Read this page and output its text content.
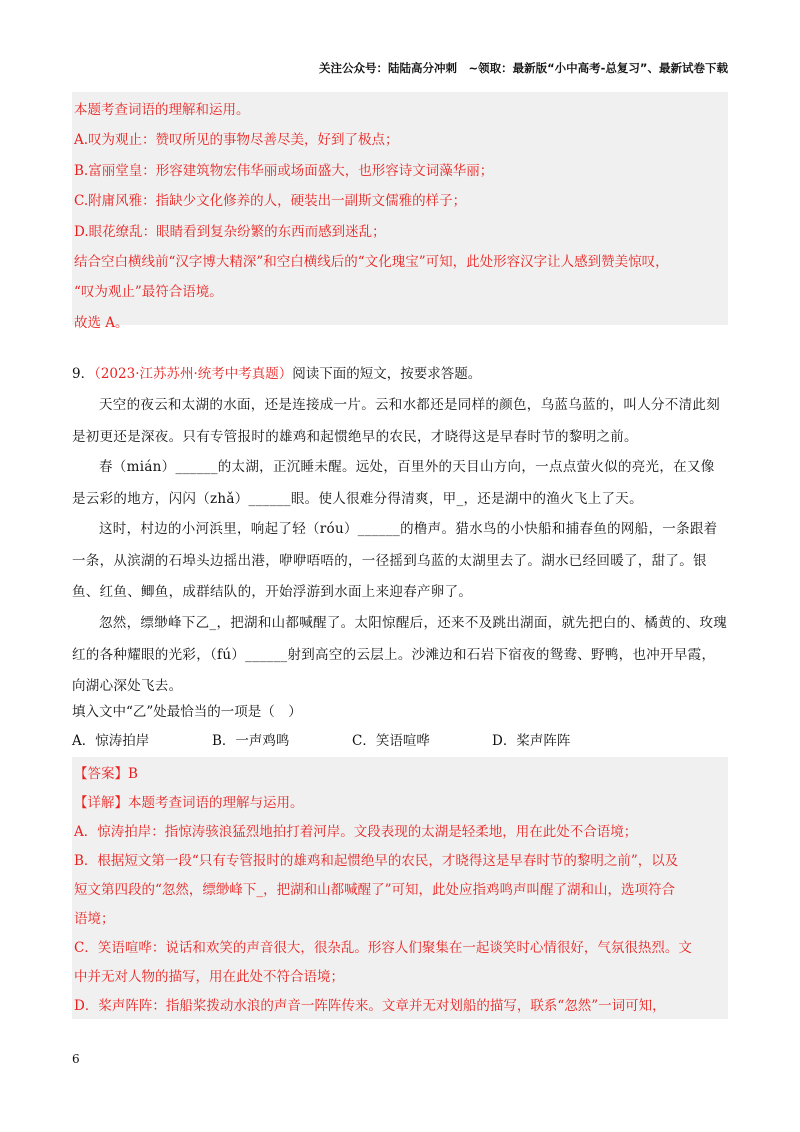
关注公众号：陆陆高分冲刺　~领取：最新版“小中高考-总复习”、最新试卷下载
本题考查词语的理解和运用。
A.叹为观止：赞叹所见的事物尽善尽美，好到了极点；
B.富丽堂皇：形容建筑物宏伟华丽或场面盛大，也形容诗文词藻华丽；
C.附庸风雅：指缺少文化修养的人，硬装出一副斯文儒雅的样子；
D.眼花缭乱：眼睛看到复杂纷繁的东西而感到迷乱；
结合空白横线前“汉字博大精深”和空白横线后的“文化瑰宝”可知，此处形容汉字让人感到赞美惊叹，
“叹为观止”最符合语境。
故选 A。
9．（2023·江苏苏州·统考中考真题）阅读下面的短文，按要求答题。
天空的夜云和太湖的水面，还是连接成一片。云和水都还是同样的颜色，乌蓝乌蓝的，叫人分不清此刻是初更还是深夜。只有专管报时的雄鸡和起惯绝早的农民，才晓得这是早春时节的黎明之前。
春（mián）______的太湖，正沉睡未醒。远处，百里外的天目山方向，一点点萤火似的亮光，在又像是云彩的地方，闪闪（zhǎ）______眼。使人很难分得清爽，甲_，还是湖中的渔火飞上了天。
这时，村边的小河浜里，响起了轻（róu）______的橹声。猎水鸟的小快船和捕春鱼的网船，一条跟着一条，从滨湖的石埠头边摇出港，咿咿唔唔的，一径摇到乌蓝的太湖里去了。湖水已经回暖了，甜了。银鱼、红鱼、鲫鱼，成群结队的，开始浮游到水面上来迎春产卵了。
忽然，缥缈峰下乙_，把湖和山都喊醒了。太阳惊醒后，还来不及跳出湖面，就先把白的、橘黄的、玫瑰红的各种耀眼的光彩，（fú）______射到高空的云层上。沙滩边和石岩下宿夜的鸳鸯、野鸭，也冲开早霞，向湖心深处飞去。
填入文中“乙”处最恰当的一项是（　）
A．惊涛拍岸	B．一声鸡鸣	C．笑语喧哗	D．桨声阵阵
【答案】B
【详解】本题考查词语的理解与运用。
A．惊涛拍岸：指惊涛骇浪猛烈地拍打着河岸。文段表现的太湖是轻柔地，用在此处不合语境；
B．根据短文第一段“只有专管报时的雄鸡和起惯绝早的农民，才晓得这是早春时节的黎明之前”，以及
短文第四段的“忽然，缥缈峰下_，把湖和山都喊醒了”可知，此处应指鸡鸣声叫醒了湖和山，选项符合
语境；
C．笑语喧哗：说话和欢笑的声音很大，很杂乱。形容人们聚集在一起谈笑时心情很好，气氛很热烈。文
中并无对人物的描写，用在此处不符合语境；
D．桨声阵阵：指船桨拨动水浪的声音一阵阵传来。文章并无对划船的描写，联系“忽然”一词可知，
6
